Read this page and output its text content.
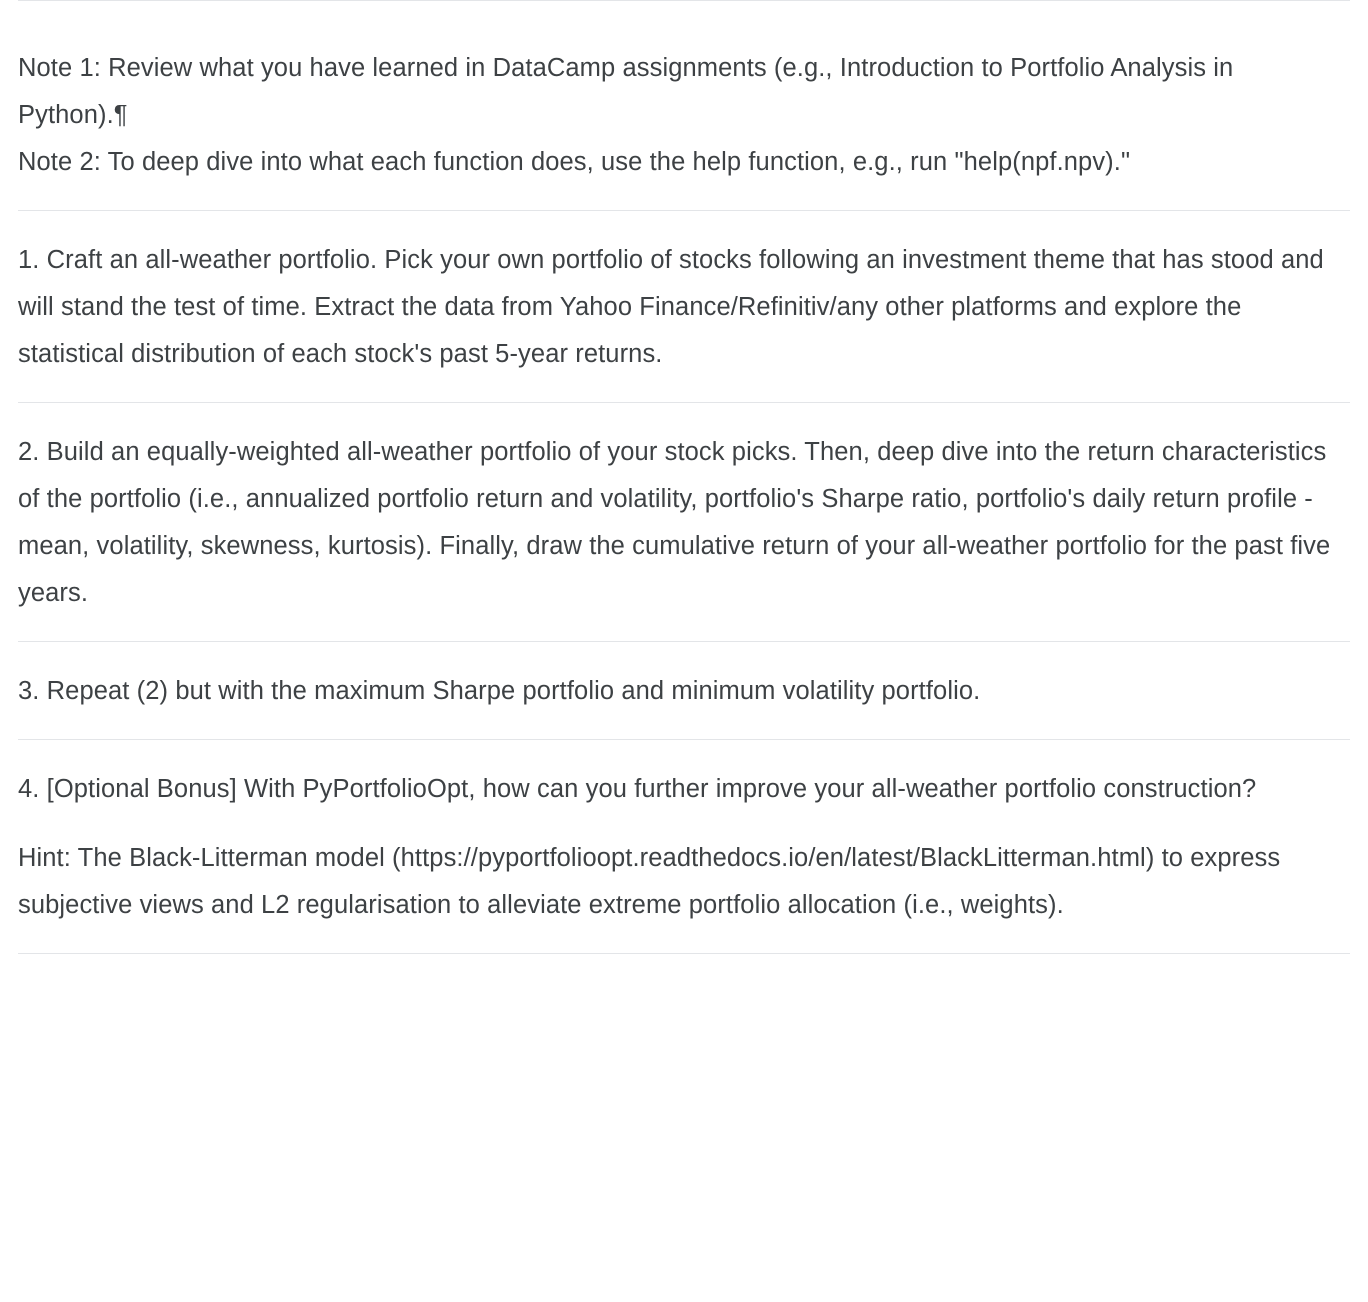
Note 1: Review what you have learned in DataCamp assignments (e.g., Introduction to Portfolio Analysis in Python).¶

Note 2: To deep dive into what each function does, use the help function, e.g., run "help(npf.npv)."

1. Craft an all-weather portfolio. Pick your own portfolio of stocks following an investment theme that has stood and will stand the test of time. Extract the data from Yahoo Finance/Refinitiv/any other platforms and explore the statistical distribution of each stock's past 5-year returns.

2. Build an equally-weighted all-weather portfolio of your stock picks. Then, deep dive into the return characteristics of the portfolio (i.e., annualized portfolio return and volatility, portfolio's Sharpe ratio, portfolio's daily return profile - mean, volatility, skewness, kurtosis). Finally, draw the cumulative return of your all-weather portfolio for the past five years.

3. Repeat (2) but with the maximum Sharpe portfolio and minimum volatility portfolio.

4. [Optional Bonus] With PyPortfolioOpt, how can you further improve your all-weather portfolio construction?

Hint: The Black-Litterman model (https://pyportfolioopt.readthedocs.io/en/latest/BlackLitterman.html) to express subjective views and L2 regularisation to alleviate extreme portfolio allocation (i.e., weights).
